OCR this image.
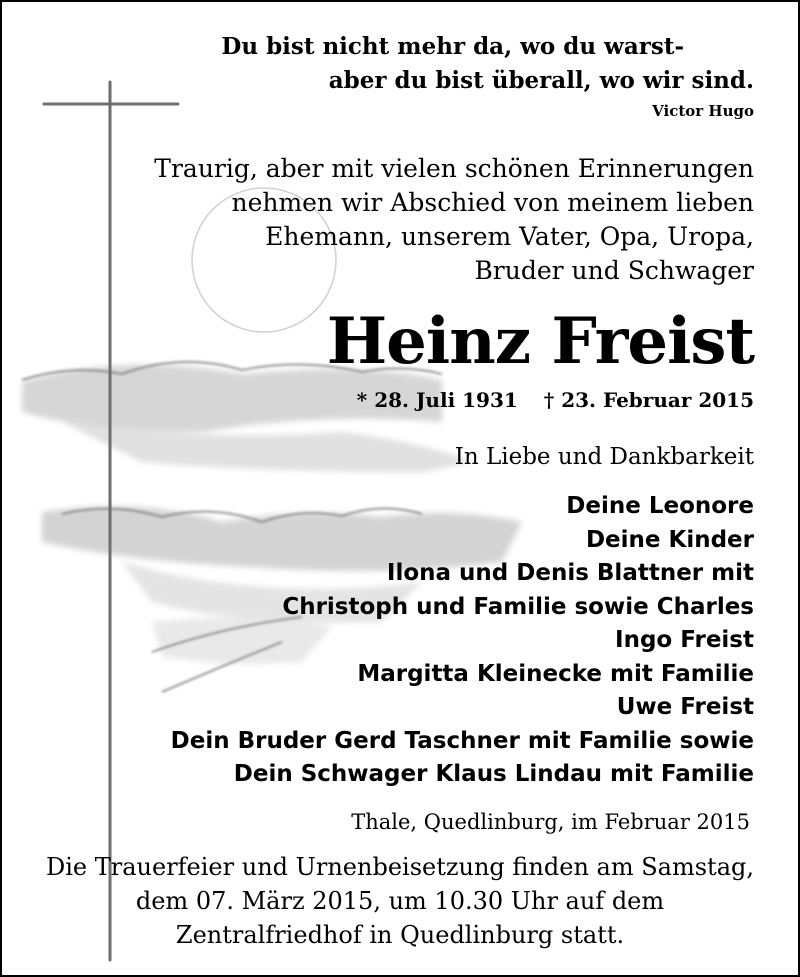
Du bist nicht mehr da, wo du warst-
aber du bist überall, wo wir sind.
Victor Hugo
Traurig, aber mit vielen schönen Erinnerungen
nehmen wir Abschied von meinem lieben
Ehemann, unserem Vater, Opa, Uropa,
Bruder und Schwager
Heinz Freist
* 28. Juli 1931 † 23. Februar 2015
In Liebe und Dankbarkeit
Deine Leonore
Deine Kinder
Ilona und Denis Blattner mit
Christoph und Familie sowie Charles
Ingo Freist
Margitta Kleinecke mit Familie
Uwe Freist
Dein Bruder Gerd Taschner mit Familie sowie
Dein Schwager Klaus Lindau mit Familie
Thale, Quedlinburg, im Februar 2015
Die Trauerfeier und Urnenbeisetzung finden am Samstag,
dem 07. März 2015, um 10.30 Uhr auf dem
Zentralfriedhof in Quedlinburg statt.
